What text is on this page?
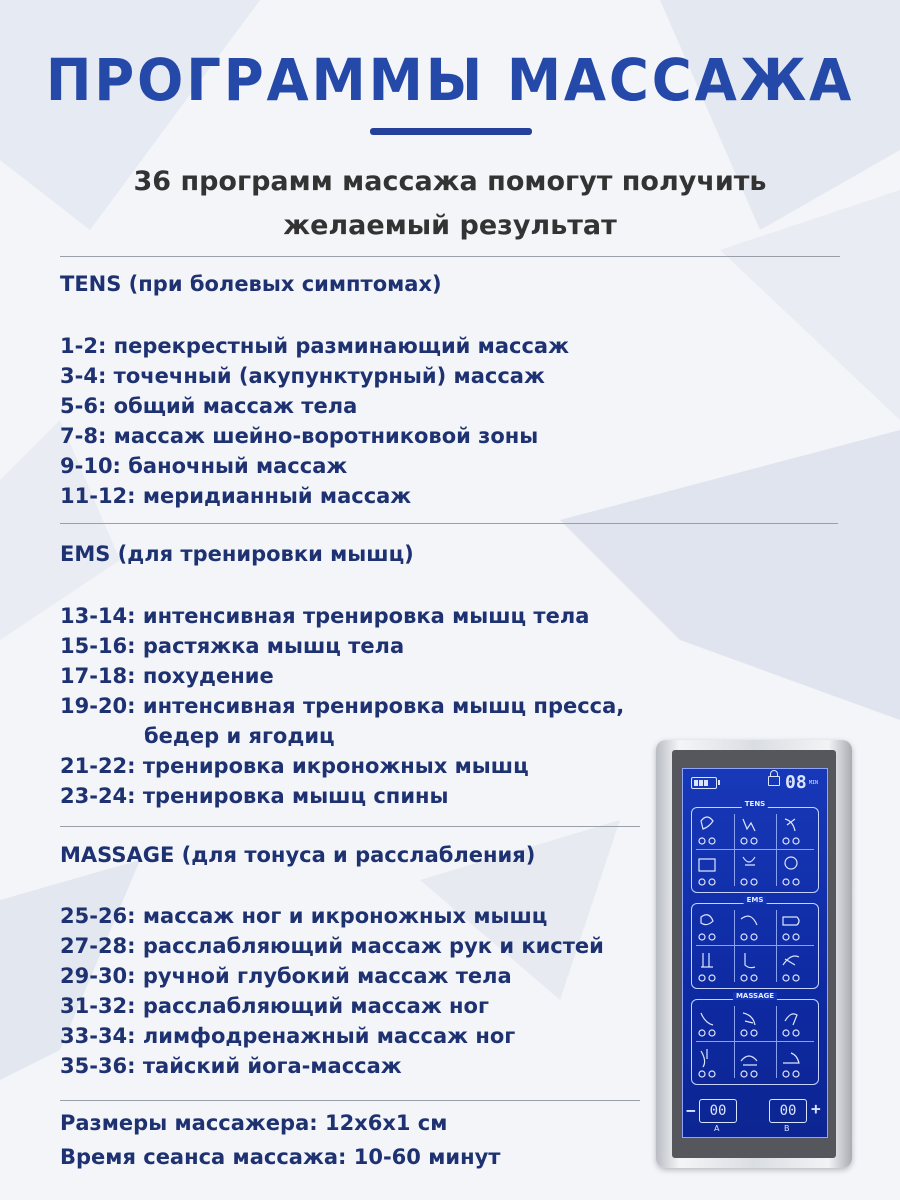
ПРОГРАММЫ МАССАЖА
36 программ массажа помогут получить
желаемый результат
TENS (при болевых симптомах)
1-2: перекрестный разминающий массаж
3-4: точечный (акупунктурный) массаж
5-6: общий массаж тела
7-8: массаж шейно-воротниковой зоны
9-10: баночный массаж
11-12: меридианный массаж
EMS (для тренировки мышц)
13-14: интенсивная тренировка мышц тела
15-16: растяжка мышц тела
17-18: похудение
19-20: интенсивная тренировка мышц пресса,
бедер и ягодиц
21-22: тренировка икроножных мышц
23-24: тренировка мышц спины
MASSAGE (для тонуса и расслабления)
25-26: массаж ног и икроножных мышц
27-28: расслабляющий массаж рук и кистей
29-30: ручной глубокий массаж тела
31-32: расслабляющий массаж ног
33-34: лимфодренажный массаж ног
35-36: тайский йога-массаж
Размеры массажера: 12x6x1 см
Время сеанса массажа: 10-60 минут
08 MIN
TENS
EMS
MASSAGE
− 00
A
00
B
+
